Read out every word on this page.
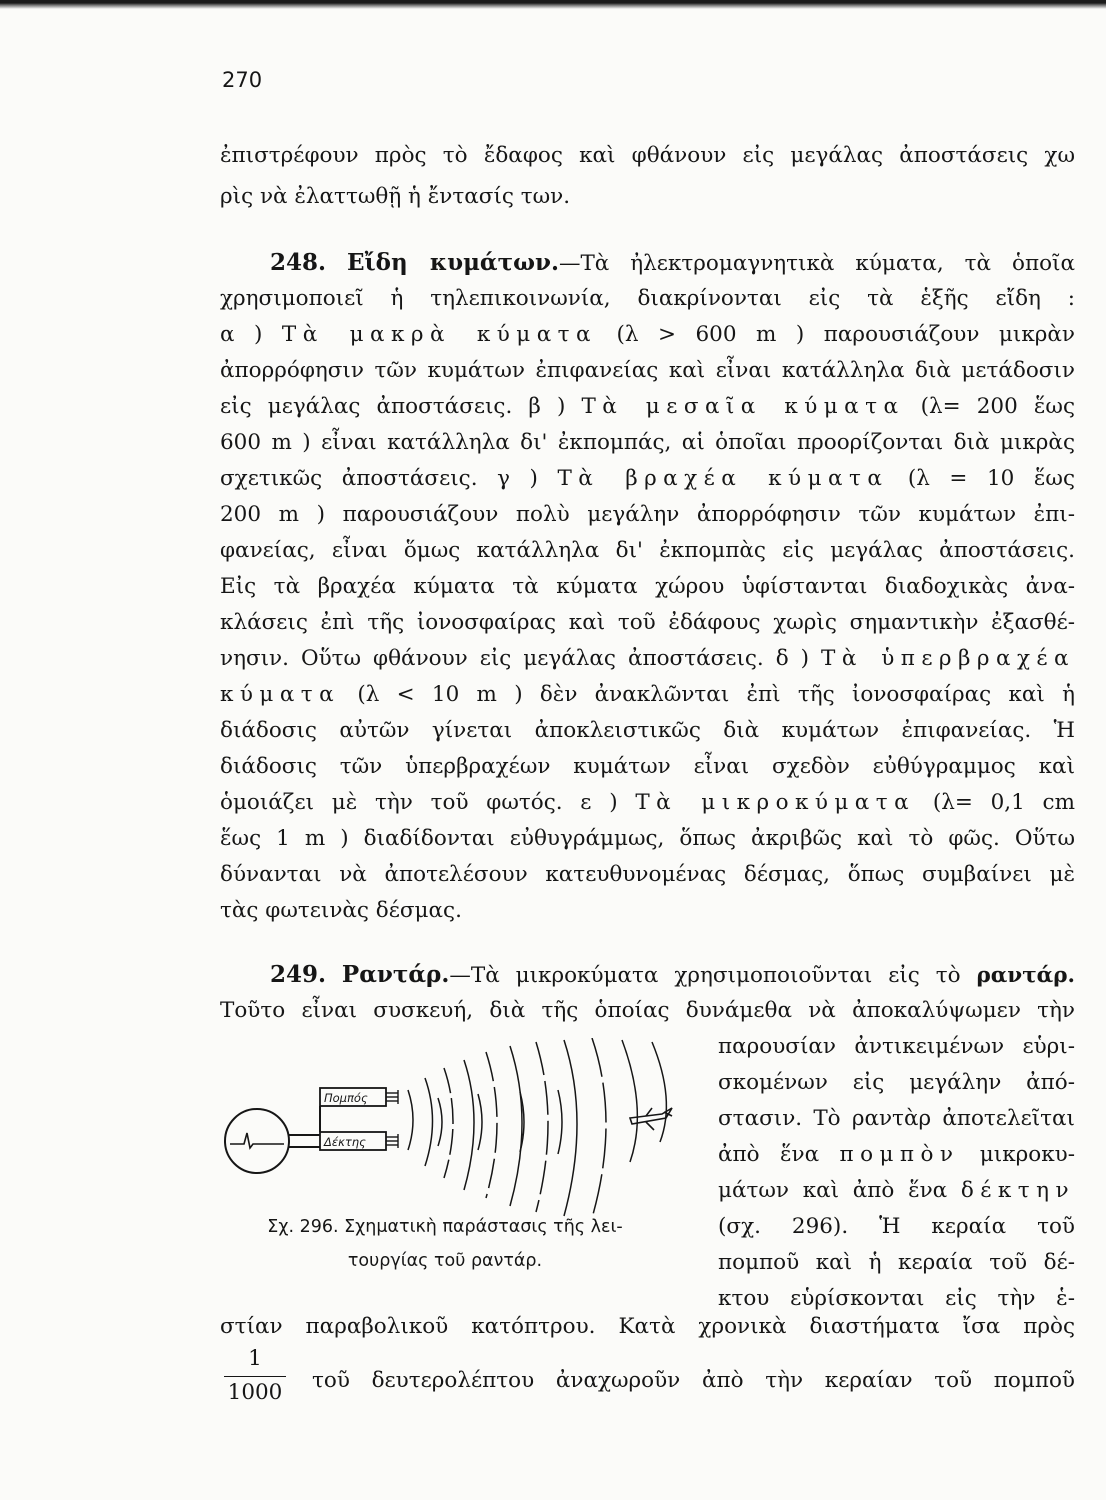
270
ἐπιστρέφουν πρὸς τὸ ἔδαφος καὶ φθάνουν εἰς μεγάλας ἀποστάσεις χω
ρὶς νὰ ἐλαττωθῇ ἡ ἔντασίς των.
248. Εἴδη κυμάτων.—Τὰ ἠλεκτρομαγνητικὰ κύματα, τὰ ὁποῖα
χρησιμοποιεῖ ἡ τηλεπικοινωνία, διακρίνονται εἰς τὰ ἑξῆς εἴδη :
α ) Τὰ μακρὰ κύματα (λ > 600 m ) παρουσιάζουν μικρὰν
ἀπορρόφησιν τῶν κυμάτων ἐπιφανείας καὶ εἶναι κατάλληλα διὰ μετάδοσιν
εἰς μεγάλας ἀποστάσεις. β ) Τὰ μεσαῖα κύματα (λ= 200 ἕως
600 m ) εἶναι κατάλληλα δι' ἐκπομπάς, αἱ ὁποῖαι προορίζονται διὰ μικρὰς
σχετικῶς ἀποστάσεις. γ ) Τὰ βραχέα κύματα (λ = 10 ἕως
200 m ) παρουσιάζουν πολὺ μεγάλην ἀπορρόφησιν τῶν κυμάτων ἐπι-
φανείας, εἶναι ὅμως κατάλληλα δι' ἐκπομπὰς εἰς μεγάλας ἀποστάσεις.
Εἰς τὰ βραχέα κύματα τὰ κύματα χώρου ὑφίστανται διαδοχικὰς ἀνα-
κλάσεις ἐπὶ τῆς ἰονοσφαίρας καὶ τοῦ ἐδάφους χωρὶς σημαντικὴν ἐξασθέ-
νησιν. Οὕτω φθάνουν εἰς μεγάλας ἀποστάσεις. δ ) Τὰ ὑπερβραχέα
κύματα (λ < 10 m ) δὲν ἀνακλῶνται ἐπὶ τῆς ἰονοσφαίρας καὶ ἡ
διάδοσις αὐτῶν γίνεται ἀποκλειστικῶς διὰ κυμάτων ἐπιφανείας. Ἡ
διάδοσις τῶν ὑπερβραχέων κυμάτων εἶναι σχεδὸν εὐθύγραμμος καὶ
ὁμοιάζει μὲ τὴν τοῦ φωτός. ε ) Τὰ μικροκύματα (λ= 0,1 cm
ἕως 1 m ) διαδίδονται εὐθυγράμμως, ὅπως ἀκριβῶς καὶ τὸ φῶς. Οὕτω
δύνανται νὰ ἀποτελέσουν κατευθυνομένας δέσμας, ὅπως συμβαίνει μὲ
τὰς φωτεινὰς δέσμας.
249. Ραντάρ.—Τὰ μικροκύματα χρησιμοποιοῦνται εἰς τὸ ραντάρ.
Τοῦτο εἶναι συσκευή, διὰ τῆς ὁποίας δυνάμεθα νὰ ἀποκαλύψωμεν τὴν
παρουσίαν ἀντικειμένων εὑρι-
σκομένων εἰς μεγάλην ἀπό-
στασιν. Τὸ ραντὰρ ἀποτελεῖται
ἀπὸ ἕνα πομπὸν μικροκυ-
μάτων καὶ ἀπὸ ἕνα δέκτην
(σχ. 296). Ἡ κεραία τοῦ
πομποῦ καὶ ἡ κεραία τοῦ δέ-
κτου εὑρίσκονται εἰς τὴν ἑ-
Πομπός
Δέκτης
Σχ. 296. Σχηματικὴ παράστασις τῆς λει-
τουργίας τοῦ ραντάρ.
στίαν παραβολικοῦ κατόπτρου. Κατὰ χρονικὰ διαστήματα ἴσα πρὸς
1
1000	τοῦ δευτερολέπτου ἀναχωροῦν ἀπὸ τὴν κεραίαν τοῦ πομποῦ
